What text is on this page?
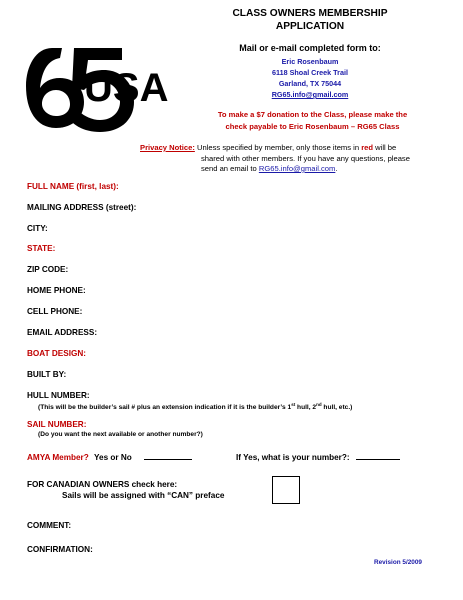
USA
CLASS OWNERS MEMBERSHIP
APPLICATION
Mail or e-mail completed form to:
Eric Rosenbaum
6118 Shoal Creek Trail
Garland, TX 75044
RG65.info@gmail.com
To make a $7 donation to the Class, please make the
check payable to Eric Rosenbaum – RG65 Class
Privacy Notice: Unless specified by member, only those items in red will be
shared with other members. If you have any questions, please
send an email to RG65.info@gmail.com.
FULL NAME (first, last):
MAILING ADDRESS (street):
CITY:
STATE:
ZIP CODE:
HOME PHONE:
CELL PHONE:
EMAIL ADDRESS:
BOAT DESIGN:
BUILT BY:
HULL NUMBER:
(This will be the builder’s sail # plus an extension indication if it is the builder’s 1st hull, 2nd hull, etc.)
SAIL NUMBER:
(Do you want the next available or another number?)
AMYA Member? Yes or No	If Yes, what is your number?:
FOR CANADIAN OWNERS check here:
Sails will be assigned with “CAN” preface
COMMENT:
CONFIRMATION:
Revision 5/2009
